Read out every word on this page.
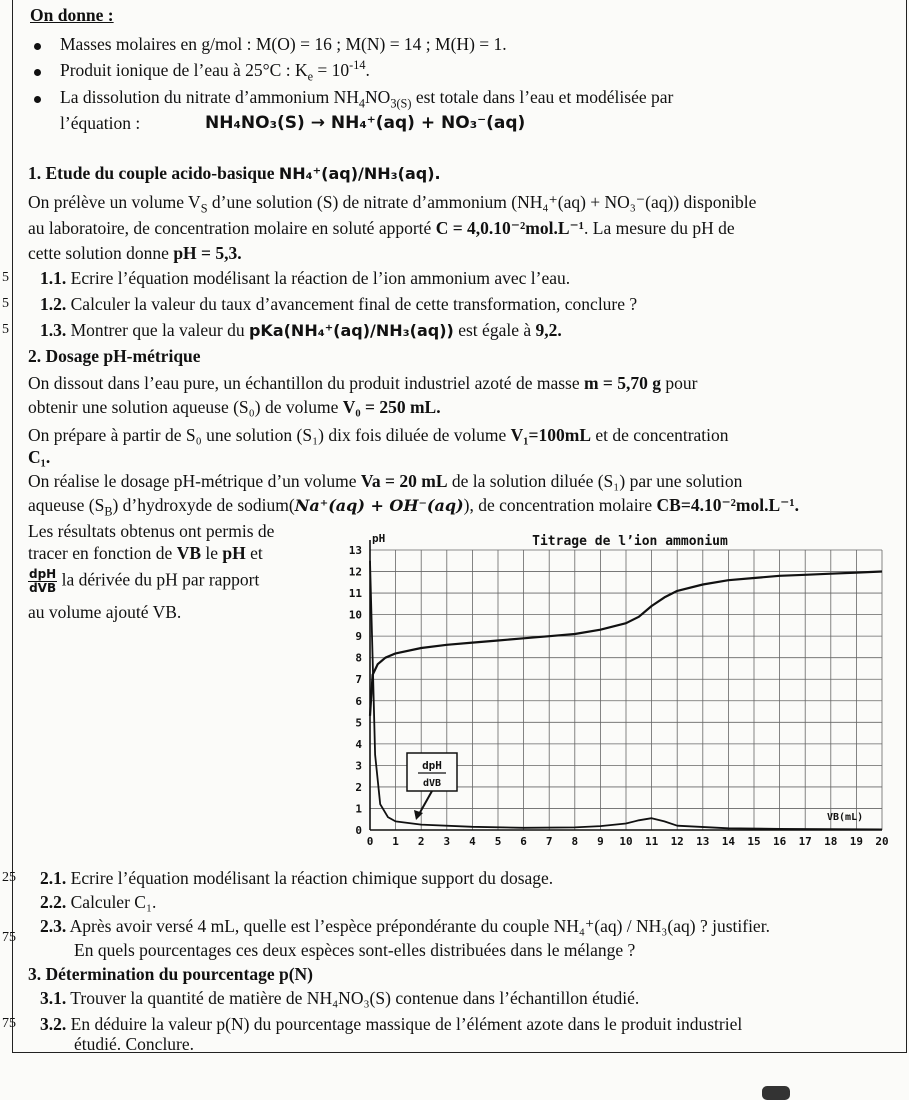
On donne :
Masses molaires en g/mol : M(O) = 16 ; M(N) = 14 ; M(H) = 1.
Produit ionique de l’eau à 25°C : $K_e = 10^{-14}$.
La dissolution du nitrate d’ammonium $NH_4NO_{3(S)}$ est totale dans l’eau et modélisée par
l’équation :	NH₄NO₃(S) → NH₄⁺(aq) + NO₃⁻(aq)
1. Etude du couple acido-basique NH₄⁺(aq)/NH₃(aq).
On prélève un volume $V_S$ d’une solution (S) de nitrate d’ammonium (NH₄⁺(aq) + NO₃⁻(aq)) disponible
au laboratoire, de concentration molaire en soluté apporté C = 4,0.10⁻²mol.L⁻¹. La mesure du pH de
cette solution donne pH = 5,3.
5 1.1. Ecrire l’équation modélisant la réaction de l’ion ammonium avec l’eau.
5 1.2. Calculer la valeur du taux d’avancement final de cette transformation, conclure ?
5 1.3. Montrer que la valeur du pKa(NH₄⁺(aq)/NH₃(aq)) est égale à 9,2.
2. Dosage pH-métrique
On dissout dans l’eau pure, un échantillon du produit industriel azoté de masse m = 5,70 g pour
obtenir une solution aqueuse (S₀) de volume V₀ = 250 mL.
On prépare à partir de S₀ une solution (S₁) dix fois diluée de volume V₁=100mL et de concentration
C₁.
On réalise le dosage pH-métrique d’un volume Va = 20 mL de la solution diluée (S₁) par une solution
aqueuse $(S_B)$ d’hydroxyde de sodium(Na⁺(aq) + OH⁻(aq)), de concentration molaire CB=4.10⁻²mol.L⁻¹.
Les résultats obtenus ont permis de
tracer en fonction de VB le pH et
$\frac{\text{dpH}}{\text{dVB}}$ la dérivée du pH par rapport
au volume ajouté VB.
0 1 2 3 4 5 6 7 8 9 10 11 12 13 14 15 16 17 18 19 20
0
1
2
3
4
5
6
7
8
9
10
11
12
13
Titrage de l’ion ammonium
pH
VB(mL)
dpH
dVB
25 2.1. Ecrire l’équation modélisant la réaction chimique support du dosage.
2.2. Calculer C₁.
75
2.3. Après avoir versé 4 mL, quelle est l’espèce prépondérante du couple NH₄⁺(aq) / NH₃(aq) ? justifier.
En quels pourcentages ces deux espèces sont-elles distribuées dans le mélange ?
3. Détermination du pourcentage p(N)
3.1. Trouver la quantité de matière de NH₄NO₃(S) contenue dans l’échantillon étudié.
75 3.2. En déduire la valeur p(N) du pourcentage massique de l’élément azote dans le produit industriel
étudié. Conclure.
